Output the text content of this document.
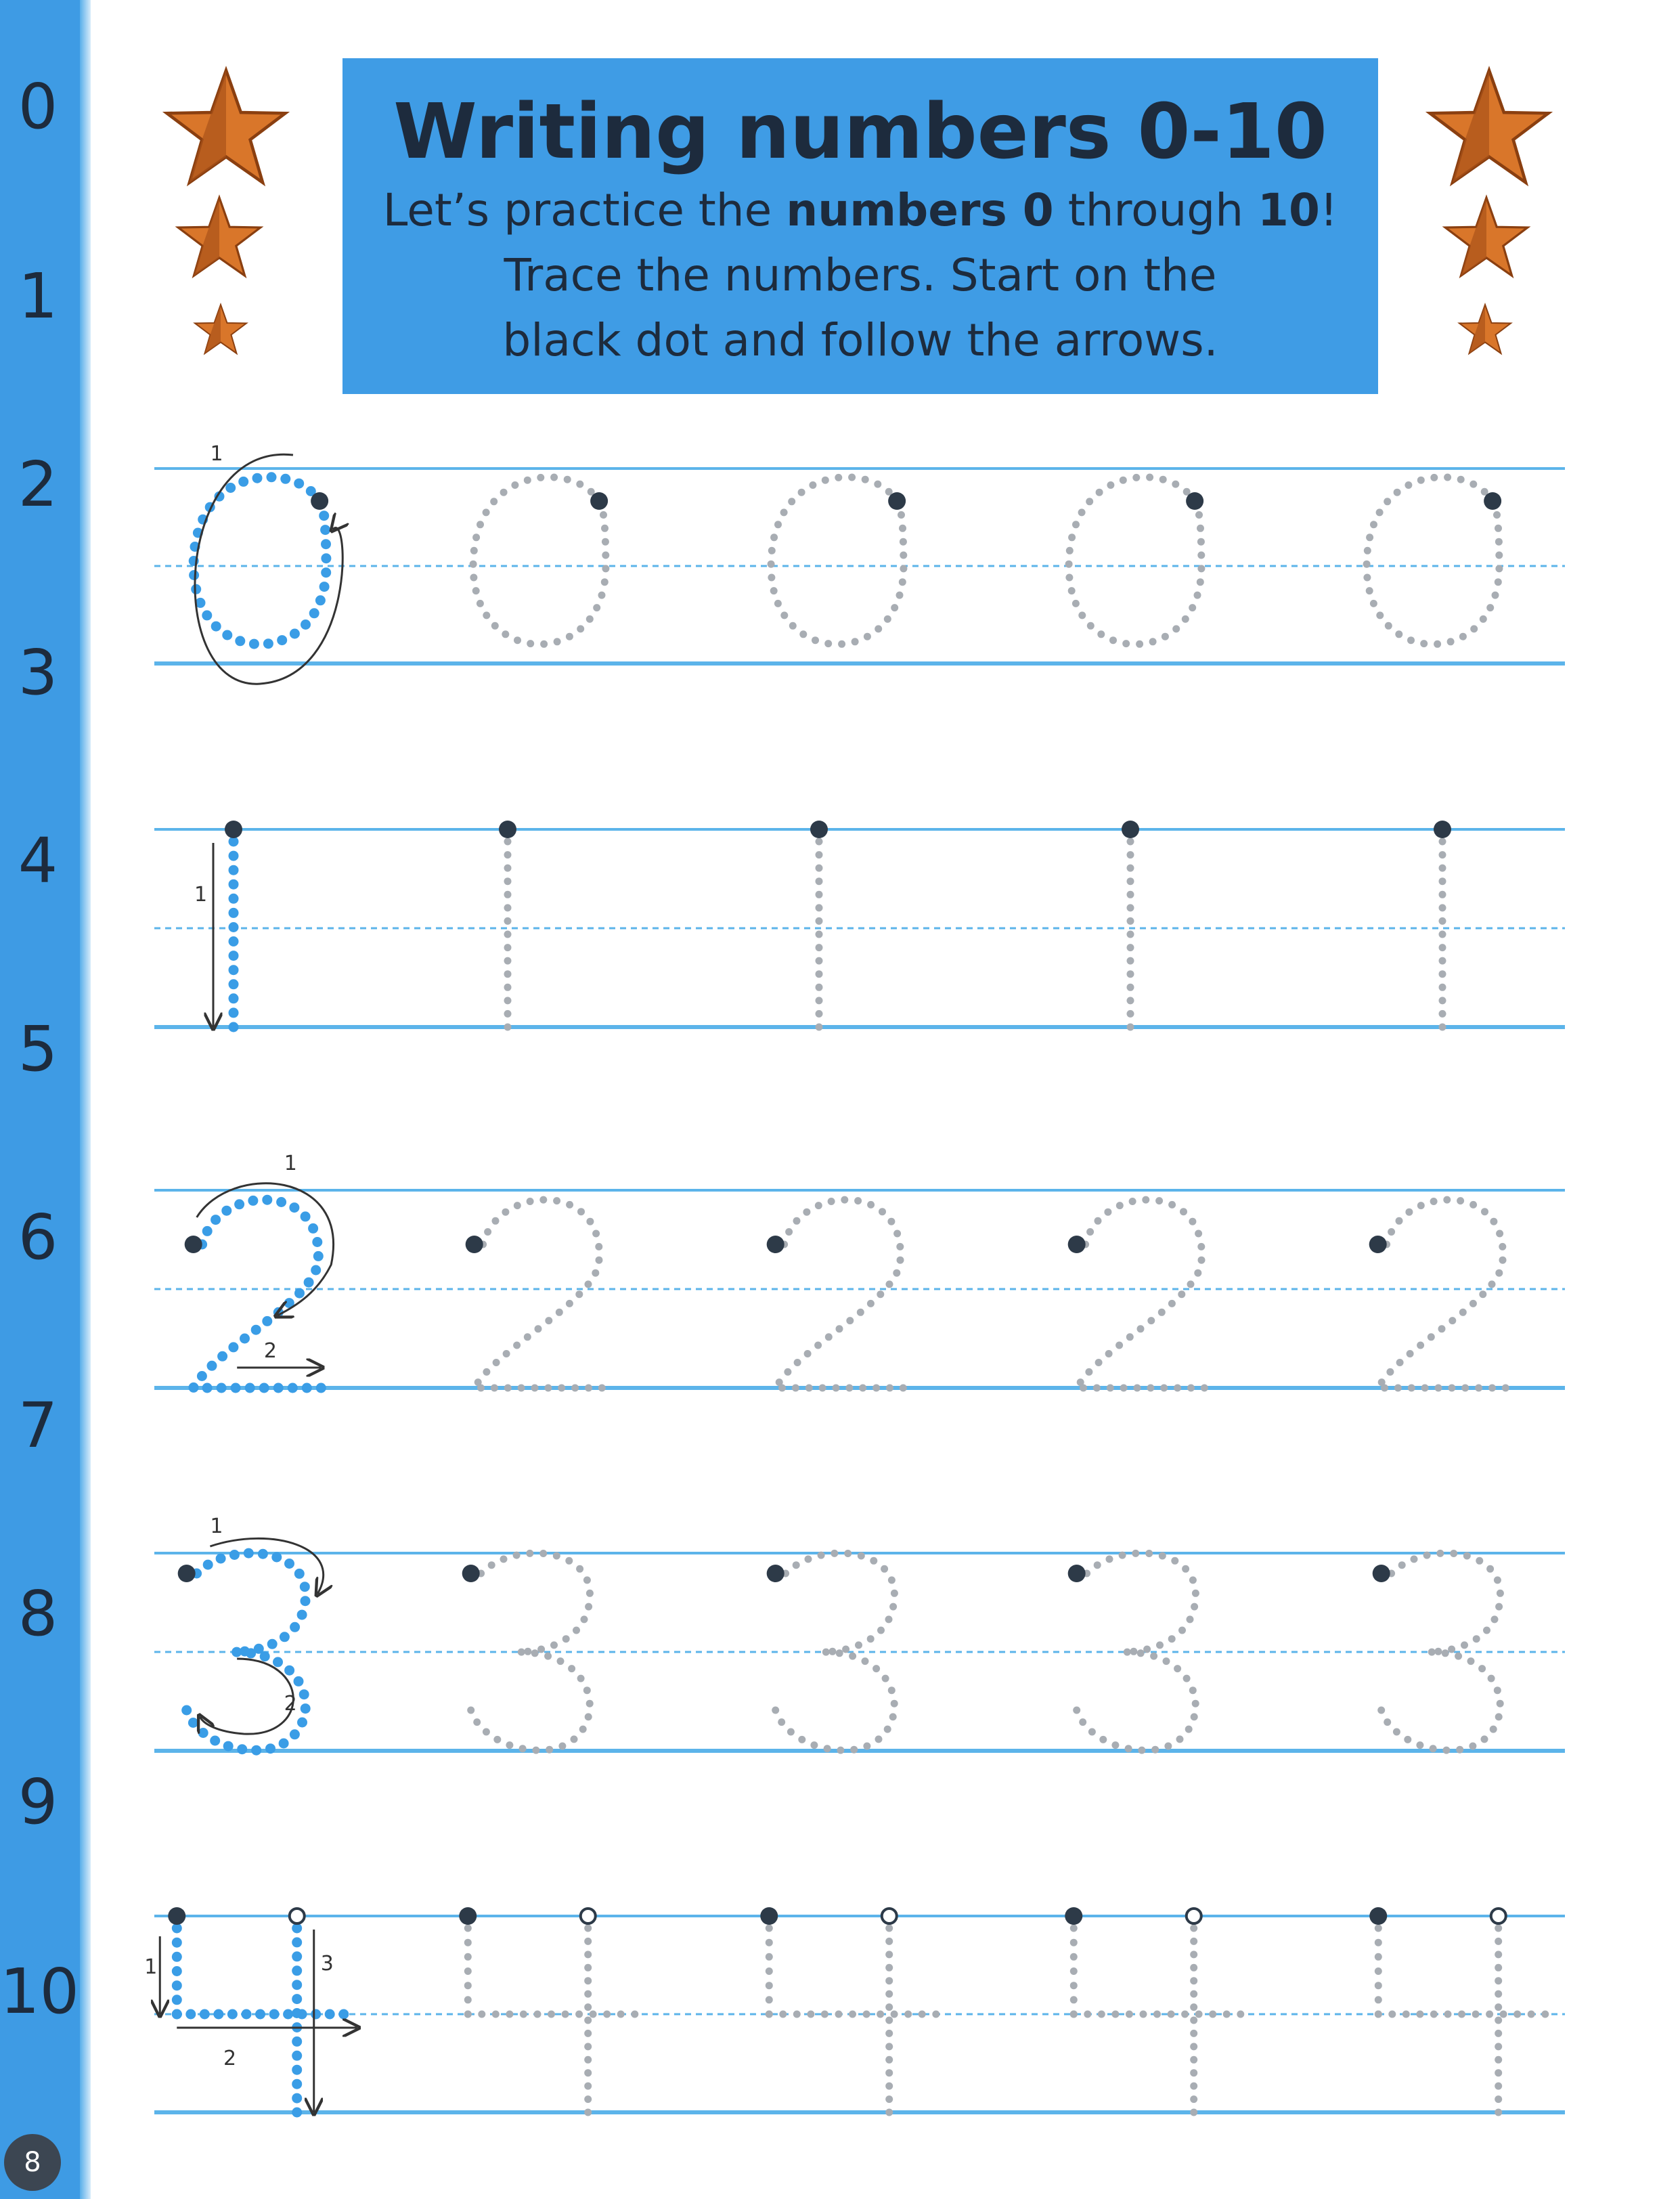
0
1
2
3
4
5
6
7
8
9
10
8
Writing numbers 0-10
Let’s practice the numbers 0 through 10!
Trace the numbers. Start on the
black dot and follow the arrows.
1
1
1
2
1
2
1
2
3
